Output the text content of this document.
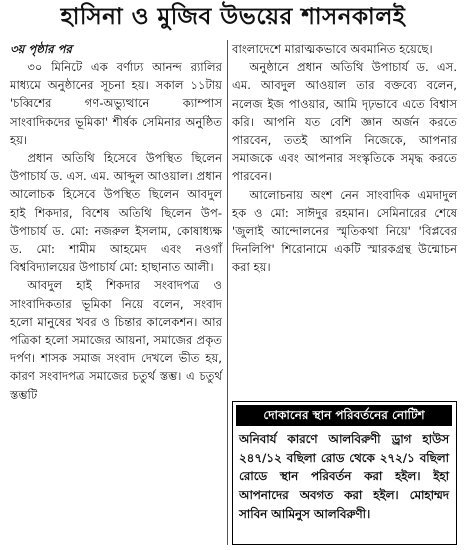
হাসিনা ও মুজিব উভয়ের শাসনকালই
৩য় পৃষ্ঠার পর

৩০ মিনিটে এক বর্ণাঢ্য আনন্দ র‌্যালির মাধ্যমে অনুষ্ঠানের সূচনা হয়। সকাল ১১টায় 'চব্বিশের গণ-অভ্যুত্থানে ক্যাম্পাস সাংবাদিকদের ভূমিকা' শীর্ষক সেমিনার অনুষ্ঠিত হয়।

প্রধান অতিথি হিসেবে উপস্থিত ছিলেন উপাচার্য ড. এস. এম. আব্দুল আওয়াল। প্রধান আলোচক হিসেবে উপস্থিত ছিলেন আবদুল হাই শিকদার, বিশেষ অতিথি ছিলেন উপ-উপাচার্য ড. মো: নজরুল ইসলাম, কোষাধ্যক্ষ ড. মো: শামীম আহমেদ এবং নওগাঁ বিশ্ববিদ্যালয়ের উপাচার্য মো: হাছানাত আলী।

আবদুল হাই শিকদার সংবাদপত্র ও সাংবাদিকতার ভূমিকা নিয়ে বলেন, সংবাদ হলো মানুষের খবর ও চিন্তার কালেকশন। আর পত্রিকা হলো সমাজের আয়না, সমাজের প্রকৃত দর্পণ। শাসক সমাজ সংবাদ দেখলে ভীত হয়, কারণ সংবাদপত্র সমাজের চতুর্থ স্তম্ভ। এ চতুর্থ স্তম্ভটি

বাংলাদেশে মারাত্মকভাবে অবমানিত হয়েছে।

অনুষ্ঠানে প্রধান অতিথি উপাচার্য ড. এস. এম. আবদুল আওয়াল তার বক্তব্যে বলেন, নলেজ ইজ পাওয়ার, আমি দৃঢ়ভাবে এতে বিশ্বাস করি। আপনি যত বেশি জ্ঞান অর্জন করতে পারবেন, ততই আপনি নিজেকে, আপনার সমাজকে এবং আপনার সংস্কৃতিকে সমৃদ্ধ করতে পারবেন।

আলোচনায় অংশ নেন সাংবাদিক এমদাদুল হক ও মো: সাঈদুর রহমান। সেমিনারের শেষে 'জুলাই আন্দোলনের স্মৃতিকথা নিয়ে' 'বিপ্লবের দিনলিপি' শিরোনামে একটি স্মারকগ্রন্থ উন্মোচন করা হয়।

দোকানের স্থান পরিবর্তনের নোটিশ
অনিবার্য কারণে আলবিরুণী ড্রাগ হাউস ২৪৭/১২ বছিলা রোড থেকে ২৭২/১ বছিলা রোডে স্থান পরিবর্তন করা হইল। ইহা আপনাদের অবগত করা হইল। মোহাম্মদ সাবিন আমিনুস আলবিরুণী।
